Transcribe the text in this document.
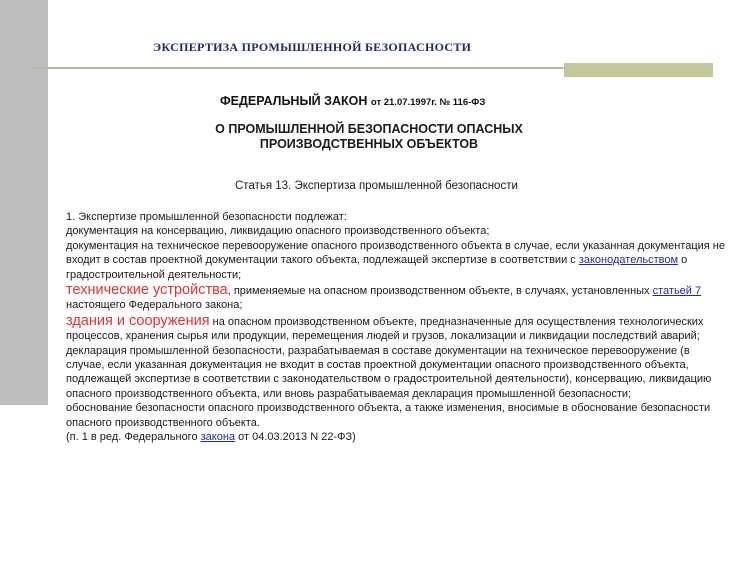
ЭКСПЕРТИЗА ПРОМЫШЛЕННОЙ БЕЗОПАСНОСТИ
ФЕДЕРАЛЬНЫЙ ЗАКОН от 21.07.1997г. № 116-ФЗ
О ПРОМЫШЛЕННОЙ БЕЗОПАСНОСТИ ОПАСНЫХ
ПРОИЗВОДСТВЕННЫХ ОБЪЕКТОВ
Статья 13. Экспертиза промышленной безопасности

1. Экспертизе промышленной безопасности подлежат:

документация на консервацию, ликвидацию опасного производственного объекта;

документация на техническое перевооружение опасного производственного объекта в случае, если указанная документация не входит в состав проектной документации такого объекта, подлежащей экспертизе в соответствии с законодательством о градостроительной деятельности;

технические устройства, применяемые на опасном производственном объекте, в случаях, установленных статьей 7 настоящего Федерального закона;

здания и сооружения на опасном производственном объекте, предназначенные для осуществления технологических процессов, хранения сырья или продукции, перемещения людей и грузов, локализации и ликвидации последствий аварий;

декларация промышленной безопасности, разрабатываемая в составе документации на техническое перевооружение (в случае, если указанная документация не входит в состав проектной документации опасного производственного объекта, подлежащей экспертизе в соответствии с законодательством о градостроительной деятельности), консервацию, ликвидацию опасного производственного объекта, или вновь разрабатываемая декларация промышленной безопасности;

обоснование безопасности опасного производственного объекта, а также изменения, вносимые в обоснование безопасности опасного производственного объекта.

(п. 1 в ред. Федерального закона от 04.03.2013 N 22-ФЗ)
